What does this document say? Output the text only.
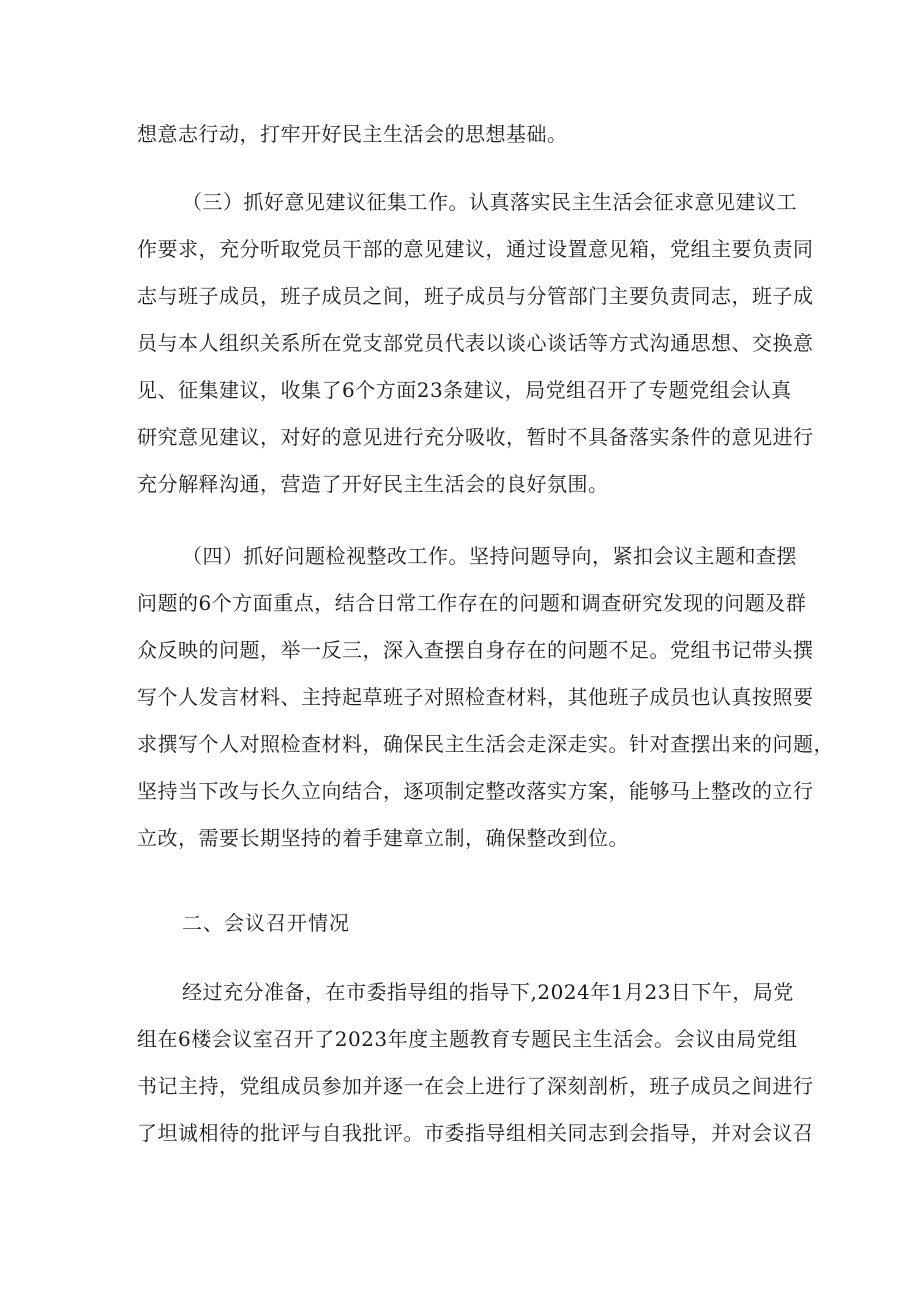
想意志行动，打牢开好民主生活会的思想基础。
（三）抓好意见建议征集工作。认真落实民主生活会征求意见建议工
作要求，充分听取党员干部的意见建议，通过设置意见箱，党组主要负责同
志与班子成员，班子成员之间，班子成员与分管部门主要负责同志，班子成
员与本人组织关系所在党支部党员代表以谈心谈话等方式沟通思想、交换意
见、征集建议，收集了6个方面23条建议，局党组召开了专题党组会认真
研究意见建议，对好的意见进行充分吸收，暂时不具备落实条件的意见进行
充分解释沟通，营造了开好民主生活会的良好氛围。
（四）抓好问题检视整改工作。坚持问题导向，紧扣会议主题和查摆
问题的6个方面重点，结合日常工作存在的问题和调查研究发现的问题及群
众反映的问题，举一反三，深入查摆自身存在的问题不足。党组书记带头撰
写个人发言材料、主持起草班子对照检查材料，其他班子成员也认真按照要
求撰写个人对照检查材料，确保民主生活会走深走实。针对查摆出来的问题，
坚持当下改与长久立向结合，逐项制定整改落实方案，能够马上整改的立行
立改，需要长期坚持的着手建章立制，确保整改到位。
二、会议召开情况
经过充分准备，在市委指导组的指导下,2024年1月23日下午，局党
组在6楼会议室召开了2023年度主题教育专题民主生活会。会议由局党组
书记主持，党组成员参加并逐一在会上进行了深刻剖析，班子成员之间进行
了坦诚相待的批评与自我批评。市委指导组相关同志到会指导，并对会议召
